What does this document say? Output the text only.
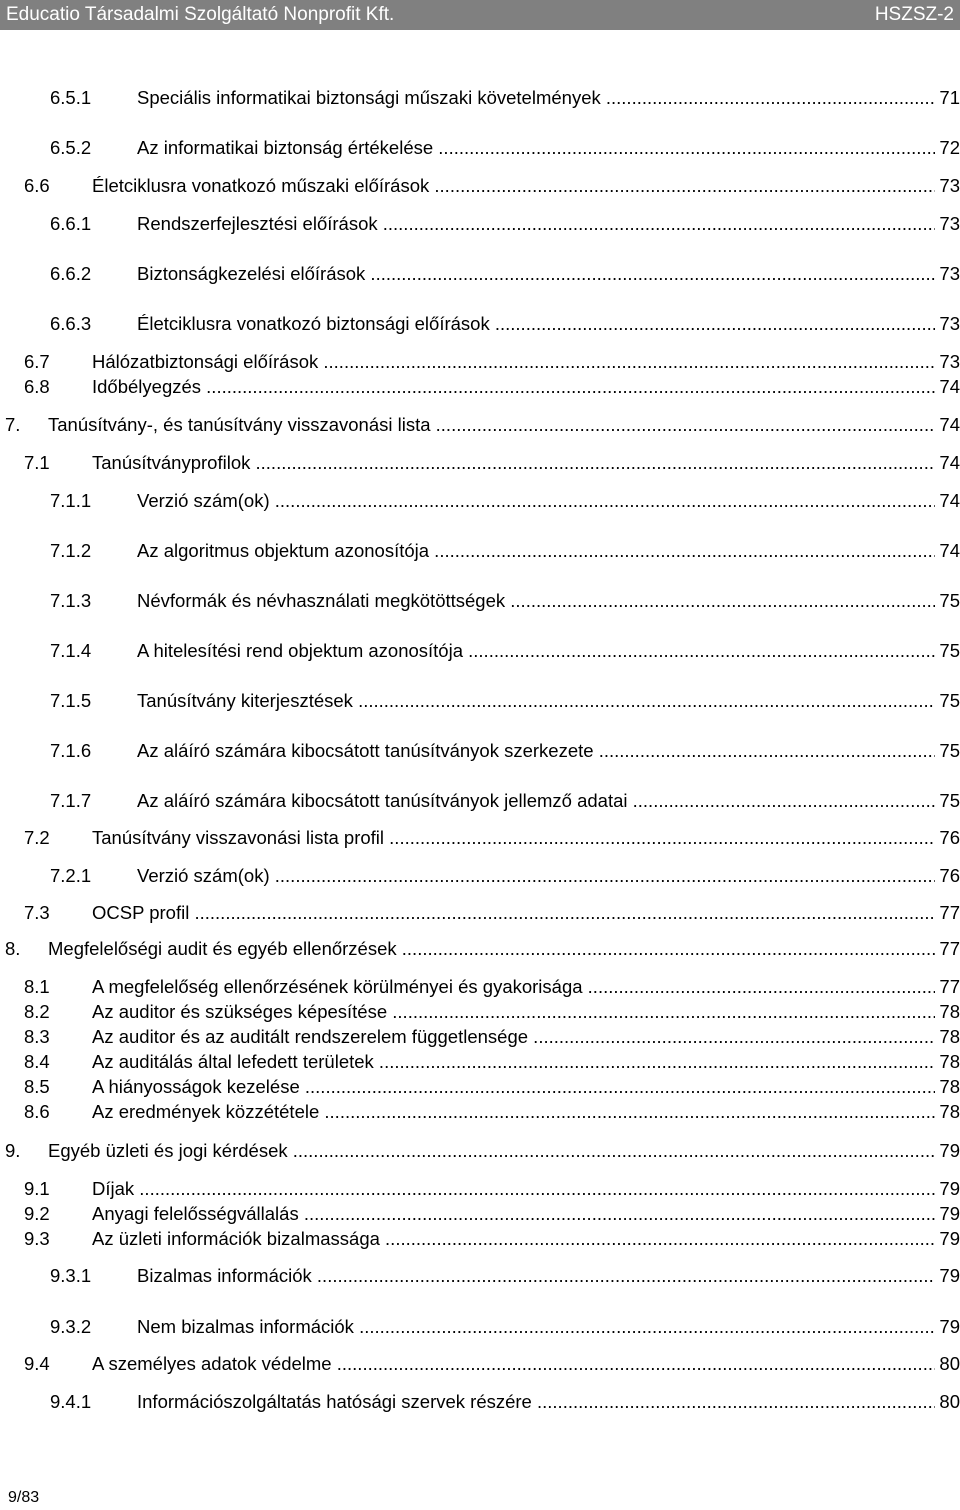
Educatio Társadalmi Szolgáltató Nonprofit Kft.	HSZSZ-2
6.5.1 Speciális informatikai biztonsági műszaki követelmények .....	71
6.5.2 Az informatikai biztonság értékelése .....	72
6.6 Életciklusra vonatkozó műszaki előírások .....	73
6.6.1 Rendszerfejlesztési előírások .....	73
6.6.2 Biztonságkezelési előírások .....	73
6.6.3 Életciklusra vonatkozó biztonsági előírások .....	73
6.7 Hálózatbiztonsági előírások .....	73
6.8 Időbélyegzés .....	74
7. Tanúsítvány-, és tanúsítvány visszavonási lista .....	74
7.1 Tanúsítványprofilok .....	74
7.1.1 Verzió szám(ok) .....	74
7.1.2 Az algoritmus objektum azonosítója .....	74
7.1.3 Névformák és névhasználati megkötöttségek .....	75
7.1.4 A hitelesítési rend objektum azonosítója .....	75
7.1.5 Tanúsítvány kiterjesztések .....	75
7.1.6 Az aláíró számára kibocsátott tanúsítványok szerkezete .....	75
7.1.7 Az aláíró számára kibocsátott tanúsítványok jellemző adatai .....	75
7.2 Tanúsítvány visszavonási lista profil .....	76
7.2.1 Verzió szám(ok) .....	76
7.3 OCSP profil .....	77
8. Megfelelőségi audit és egyéb ellenőrzések .....	77
8.1 A megfelelőség ellenőrzésének körülményei és gyakorisága .....	77
8.2 Az auditor és szükséges képesítése .....	78
8.3 Az auditor és az auditált rendszerelem függetlensége .....	78
8.4 Az auditálás által lefedett területek .....	78
8.5 A hiányosságok kezelése .....	78
8.6 Az eredmények közzététele .....	78
9. Egyéb üzleti és jogi kérdések .....	79
9.1 Díjak .....	79
9.2 Anyagi felelősségvállalás .....	79
9.3 Az üzleti információk bizalmassága .....	79
9.3.1 Bizalmas információk .....	79
9.3.2 Nem bizalmas információk .....	79
9.4 A személyes adatok védelme .....	80
9.4.1 Információszolgáltatás hatósági szervek részére .....	80
9/83
